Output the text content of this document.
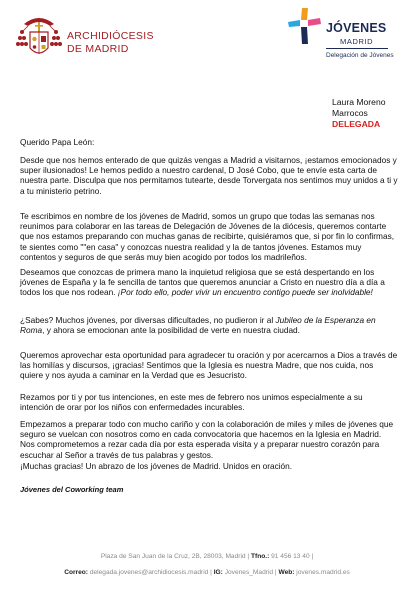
ARCHIDIÓCESIS
DE MADRID
JÓVENES
MADRID
Delegación de Jóvenes
Laura Moreno
Marrocos
DELEGADA

Querido Papa León:

Desde que nos hemos enterado de que quizás vengas a Madrid a visitarnos, ¡estamos emocionados y super ilusionados! Le hemos pedido a nuestro cardenal, D José Cobo, que te envíe esta carta de nuestra parte. Disculpa que nos permitamos tutearte, desde Torvergata nos sentimos muy unidos a ti y a tu ministerio petrino.

Te escribimos en nombre de los jóvenes de Madrid, somos un grupo que todas las semanas nos reunimos para colaborar en las tareas de Delegación de Jóvenes de la diócesis, queremos contarte que nos estamos preparando con muchas ganas de recibirte, quisiéramos que, si por fin lo confirmas, te sientes como ""en casa" y conozcas nuestra realidad y la de tantos jóvenes. Estamos muy contentos y seguros de que serás muy bien acogido por todos los madrileños.

Deseamos que conozcas de primera mano la inquietud religiosa que se está despertando en los jóvenes de España y la fe sencilla de tantos que queremos anunciar a Cristo en nuestro día a día a todos los que nos rodean. ¡Por todo ello, poder vivir un encuentro contigo puede ser inolvidable!

¿Sabes? Muchos jóvenes, por diversas dificultades, no pudieron ir al Jubileo de la Esperanza en Roma, y ahora se emocionan ante la posibilidad de verte en nuestra ciudad.

Queremos aprovechar esta oportunidad para agradecer tu oración y por acercarnos a Dios a través de las homilías y discursos, ¡gracias! Sentimos que la Iglesia es nuestra Madre, que nos cuida, nos quiere y nos ayuda a caminar en la Verdad que es Jesucristo.

Rezamos por ti y por tus intenciones, en este mes de febrero nos unimos especialmente a su intención de orar por los niños con enfermedades incurables.

Empezamos a preparar todo con mucho cariño y con la colaboración de miles y miles de jóvenes que seguro se vuelcan con nosotros como en cada convocatoria que hacemos en la Iglesia en Madrid. Nos comprometemos a rezar cada día por esta esperada visita y a preparar nuestro corazón para escuchar al Señor a través de tus palabras y gestos.

¡Muchas gracias! Un abrazo de los jóvenes de Madrid. Unidos en oración.

Jóvenes del Coworking team

Plaza de San Juan de la Cruz, 2B, 28003, Madrid | Tfno.: 91 456 13 40 |
Correo: delegada.jovenes@archidiocesis.madrid | IG: Jovenes_Madrid | Web: jovenes.madrid.es
